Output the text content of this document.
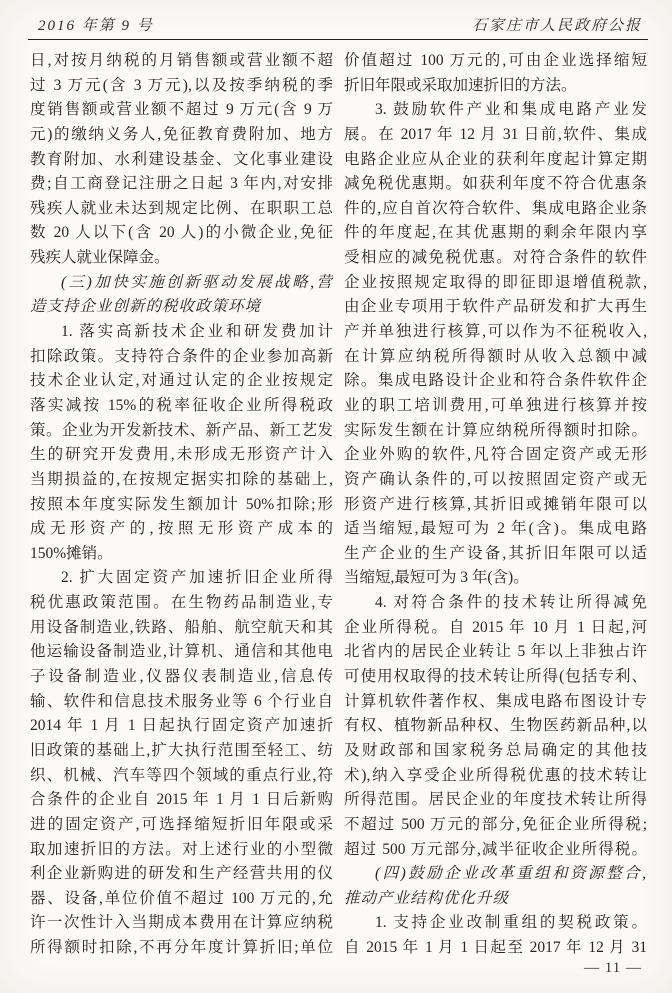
2016 年第 9 号	石家庄市人民政府公报
日,对按月纳税的月销售额或营业额不超
过 3 万元(含 3 万元),以及按季纳税的季
度销售额或营业额不超过 9 万元(含 9 万
元)的缴纳义务人,免征教育费附加、地方
教育附加、水利建设基金、文化事业建设
费;自工商登记注册之日起 3 年内,对安排
残疾人就业未达到规定比例、在职职工总
数 20 人以下(含 20 人)的小微企业,免征
残疾人就业保障金。
(三)加快实施创新驱动发展战略,营
造支持企业创新的税收政策环境
1. 落实高新技术企业和研发费加计
扣除政策。支持符合条件的企业参加高新
技术企业认定,对通过认定的企业按规定
落实减按 15%的税率征收企业所得税政
策。企业为开发新技术、新产品、新工艺发
生的研究开发费用,未形成无形资产计入
当期损益的,在按规定据实扣除的基础上,
按照本年度实际发生额加计 50%扣除;形
成无形资产的,按照无形资产成本的
150%摊销。
2. 扩大固定资产加速折旧企业所得
税优惠政策范围。在生物药品制造业,专
用设备制造业,铁路、船舶、航空航天和其
他运输设备制造业,计算机、通信和其他电
子设备制造业,仪器仪表制造业,信息传
输、软件和信息技术服务业等 6 个行业自
2014 年 1 月 1 日起执行固定资产加速折
旧政策的基础上,扩大执行范围至轻工、纺
织、机械、汽车等四个领域的重点行业,符
合条件的企业自 2015 年 1 月 1 日后新购
进的固定资产,可选择缩短折旧年限或采
取加速折旧的方法。对上述行业的小型微
利企业新购进的研发和生产经营共用的仪
器、设备,单位价值不超过 100 万元的,允
许一次性计入当期成本费用在计算应纳税
所得额时扣除,不再分年度计算折旧;单位
价值超过 100 万元的,可由企业选择缩短
折旧年限或采取加速折旧的方法。
3. 鼓励软件产业和集成电路产业发
展。在 2017 年 12 月 31 日前,软件、集成
电路企业应从企业的获利年度起计算定期
减免税优惠期。如获利年度不符合优惠条
件的,应自首次符合软件、集成电路企业条
件的年度起,在其优惠期的剩余年限内享
受相应的减免税优惠。对符合条件的软件
企业按照规定取得的即征即退增值税款,
由企业专项用于软件产品研发和扩大再生
产并单独进行核算,可以作为不征税收入,
在计算应纳税所得额时从收入总额中减
除。集成电路设计企业和符合条件软件企
业的职工培训费用,可单独进行核算并按
实际发生额在计算应纳税所得额时扣除。
企业外购的软件,凡符合固定资产或无形
资产确认条件的,可以按照固定资产或无
形资产进行核算,其折旧或摊销年限可以
适当缩短,最短可为 2 年(含)。集成电路
生产企业的生产设备,其折旧年限可以适
当缩短,最短可为 3 年(含)。
4. 对符合条件的技术转让所得减免
企业所得税。自 2015 年 10 月 1 日起,河
北省内的居民企业转让 5 年以上非独占许
可使用权取得的技术转让所得(包括专利、
计算机软件著作权、集成电路布图设计专
有权、植物新品种权、生物医药新品种,以
及财政部和国家税务总局确定的其他技
术),纳入享受企业所得税优惠的技术转让
所得范围。居民企业的年度技术转让所得
不超过 500 万元的部分,免征企业所得税;
超过 500 万元部分,减半征收企业所得税。
(四)鼓励企业改革重组和资源整合,
推动产业结构优化升级
1. 支持企业改制重组的契税政策。
自 2015 年 1 月 1 日起至 2017 年 12 月 31
— 11 —
